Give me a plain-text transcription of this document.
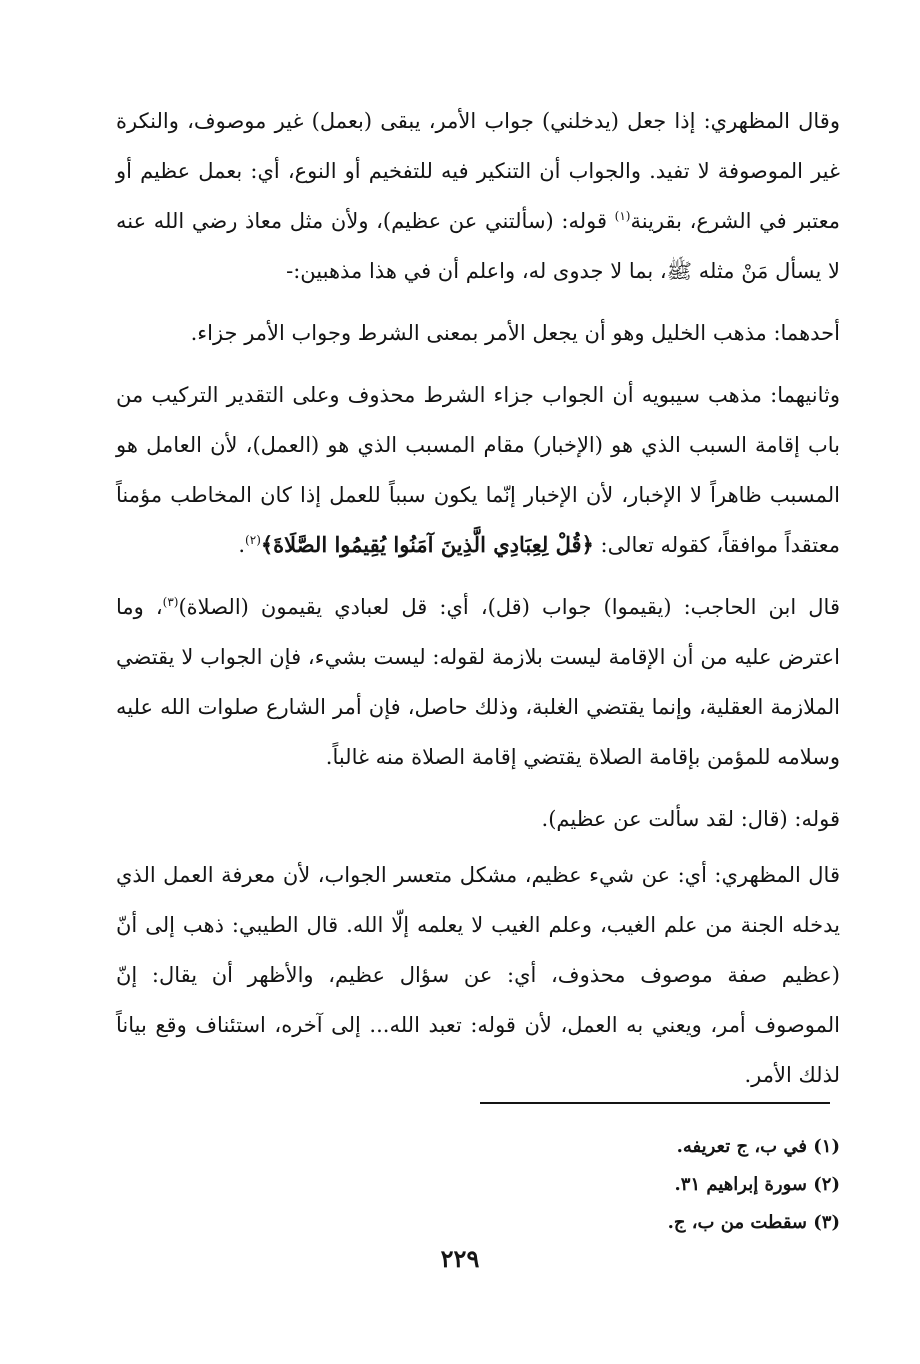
وقال المظهري: إذا جعل (يدخلني) جواب الأمر، يبقى (بعمل) غير موصوف، والنكرة غير الموصوفة لا تفيد. والجواب أن التنكير فيه للتفخيم أو النوع، أي: بعمل عظيم أو معتبر في الشرع، بقرينة$^{(١)}$ قوله: (سألتني عن عظيم)، ولأن مثل معاذ رضي الله عنه لا يسأل مَنْ مثله ﷺ، بما لا جدوى له، واعلم أن في هذا مذهبين:-

أحدهما: مذهب الخليل وهو أن يجعل الأمر بمعنى الشرط وجواب الأمر جزاء.

وثانيهما: مذهب سيبويه أن الجواب جزاء الشرط محذوف وعلى التقدير التركيب من باب إقامة السبب الذي هو (الإخبار) مقام المسبب الذي هو (العمل)، لأن العامل هو المسبب ظاهراً لا الإخبار، لأن الإخبار إنّما يكون سبباً للعمل إذا كان المخاطب مؤمناً معتقداً موافقاً، كقوله تعالى: ﴿قُلْ لِعِبَادِي الَّذِينَ آمَنُوا يُقِيمُوا الصَّلَاةَ﴾$^{(٢)}$.

قال ابن الحاجب: (يقيموا) جواب (قل)، أي: قل لعبادي يقيمون (الصلاة)$^{(٣)}$، وما اعترض عليه من أن الإقامة ليست بلازمة لقوله: ليست بشيء، فإن الجواب لا يقتضي الملازمة العقلية، وإنما يقتضي الغلبة، وذلك حاصل، فإن أمر الشارع صلوات الله عليه وسلامه للمؤمن بإقامة الصلاة يقتضي إقامة الصلاة منه غالباً.

قوله: (قال: لقد سألت عن عظيم).

قال المظهري: أي: عن شيء عظيم، مشكل متعسر الجواب، لأن معرفة العمل الذي يدخله الجنة من علم الغيب، وعلم الغيب لا يعلمه إلّا الله. قال الطيبي: ذهب إلى أنّ (عظيم صفة موصوف محذوف، أي: عن سؤال عظيم، والأظهر أن يقال: إنّ الموصوف أمر، ويعني به العمل، لأن قوله: تعبد الله... إلى آخره، استئناف وقع بياناً لذلك الأمر.

(١) في ب، ج تعريفه.

(٢) سورة إبراهيم ٣١.

(٣) سقطت من ب، ج.

٢٢٩
